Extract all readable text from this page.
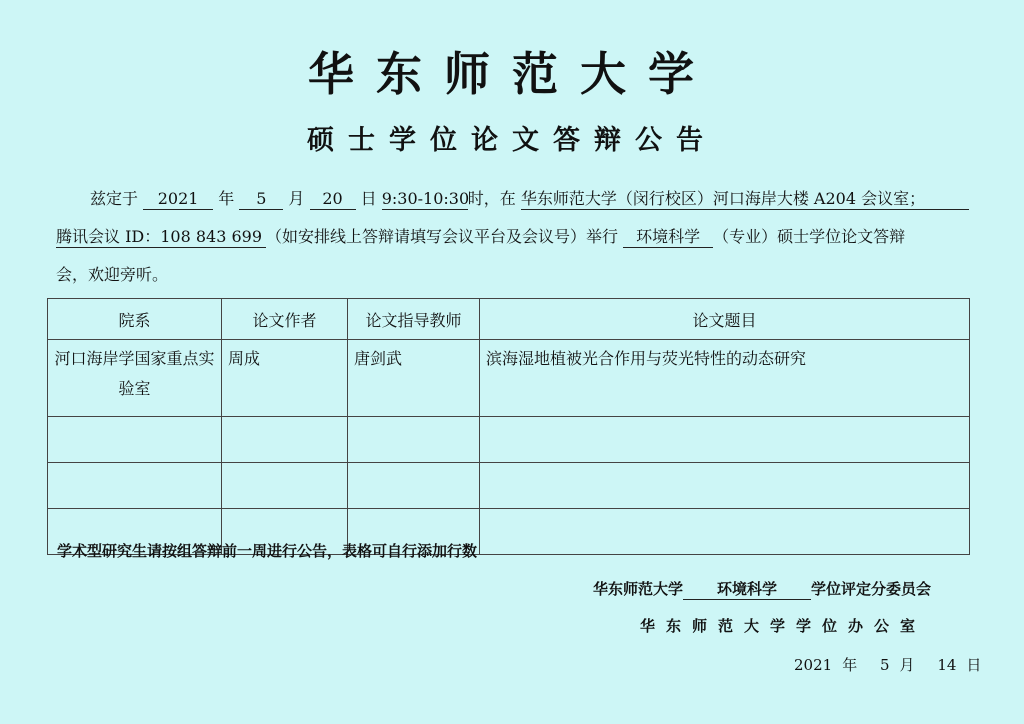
华东师范大学
硕士学位论文答辩公告
兹定于 2021 年 5 月 20 日 9:30-10:30时，在 华东师范大学（闵行校区）河口海岸大楼 A204 会议室；
腾讯会议 ID：108 843 699 （如安排线上答辩请填写会议平台及会议号）举行 环境科学 （专业）硕士学位论文答辩
会，欢迎旁听。
院系	论文作者	论文指导教师	论文题目
河口海岸学国家重点实验室	周成	唐剑武	滨海湿地植被光合作用与荧光特性的动态研究

学术型研究生请按组答辩前一周进行公告，表格可自行添加行数
华东师范大学 环境科学 学位评定分委员会
华东师范大学学位办公室
2021 年 5 月 14 日
